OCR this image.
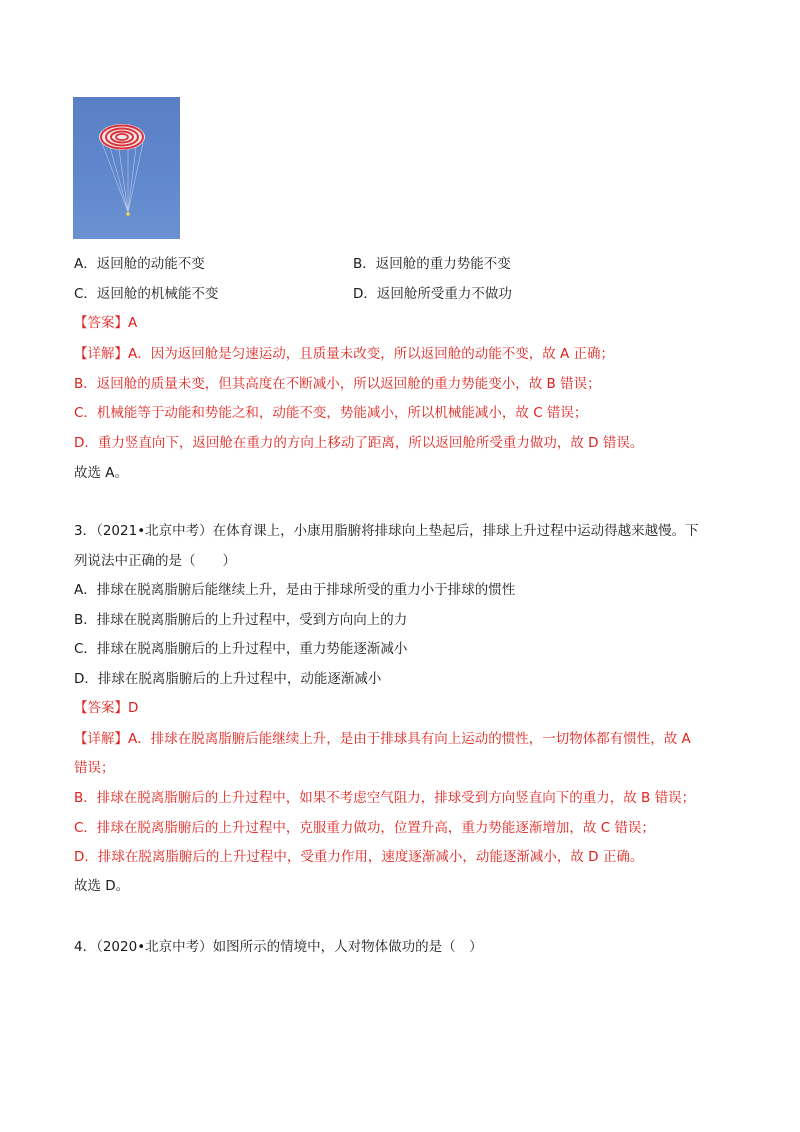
A．返回舱的动能不变	B．返回舱的重力势能不变
C．返回舱的机械能不变	D．返回舱所受重力不做功
【答案】A
【详解】A．因为返回舱是匀速运动，且质量未改变，所以返回舱的动能不变，故 A 正确；
B．返回舱的质量未变，但其高度在不断减小，所以返回舱的重力势能变小，故 B 错误；
C．机械能等于动能和势能之和，动能不变，势能减小，所以机械能减小，故 C 错误；
D．重力竖直向下，返回舱在重力的方向上移动了距离，所以返回舱所受重力做功，故 D 错误。
故选 A。
3．（2021•北京中考）在体育课上，小康用脂腑将排球向上垫起后，排球上升过程中运动得越来越慢。下
列说法中正确的是（　　）
A．排球在脱离脂腑后能继续上升，是由于排球所受的重力小于排球的惯性
B．排球在脱离脂腑后的上升过程中，受到方向向上的力
C．排球在脱离脂腑后的上升过程中，重力势能逐渐减小
D．排球在脱离脂腑后的上升过程中，动能逐渐减小
【答案】D
【详解】A．排球在脱离脂腑后能继续上升，是由于排球具有向上运动的惯性，一切物体都有惯性，故 A
错误；
B．排球在脱离脂腑后的上升过程中，如果不考虑空气阻力，排球受到方向竖直向下的重力，故 B 错误；
C．排球在脱离脂腑后的上升过程中，克服重力做功，位置升高，重力势能逐渐增加，故 C 错误；
D．排球在脱离脂腑后的上升过程中，受重力作用，速度逐渐减小，动能逐渐减小，故 D 正确。
故选 D。
4．（2020•北京中考）如图所示的情境中，人对物体做功的是（　）
